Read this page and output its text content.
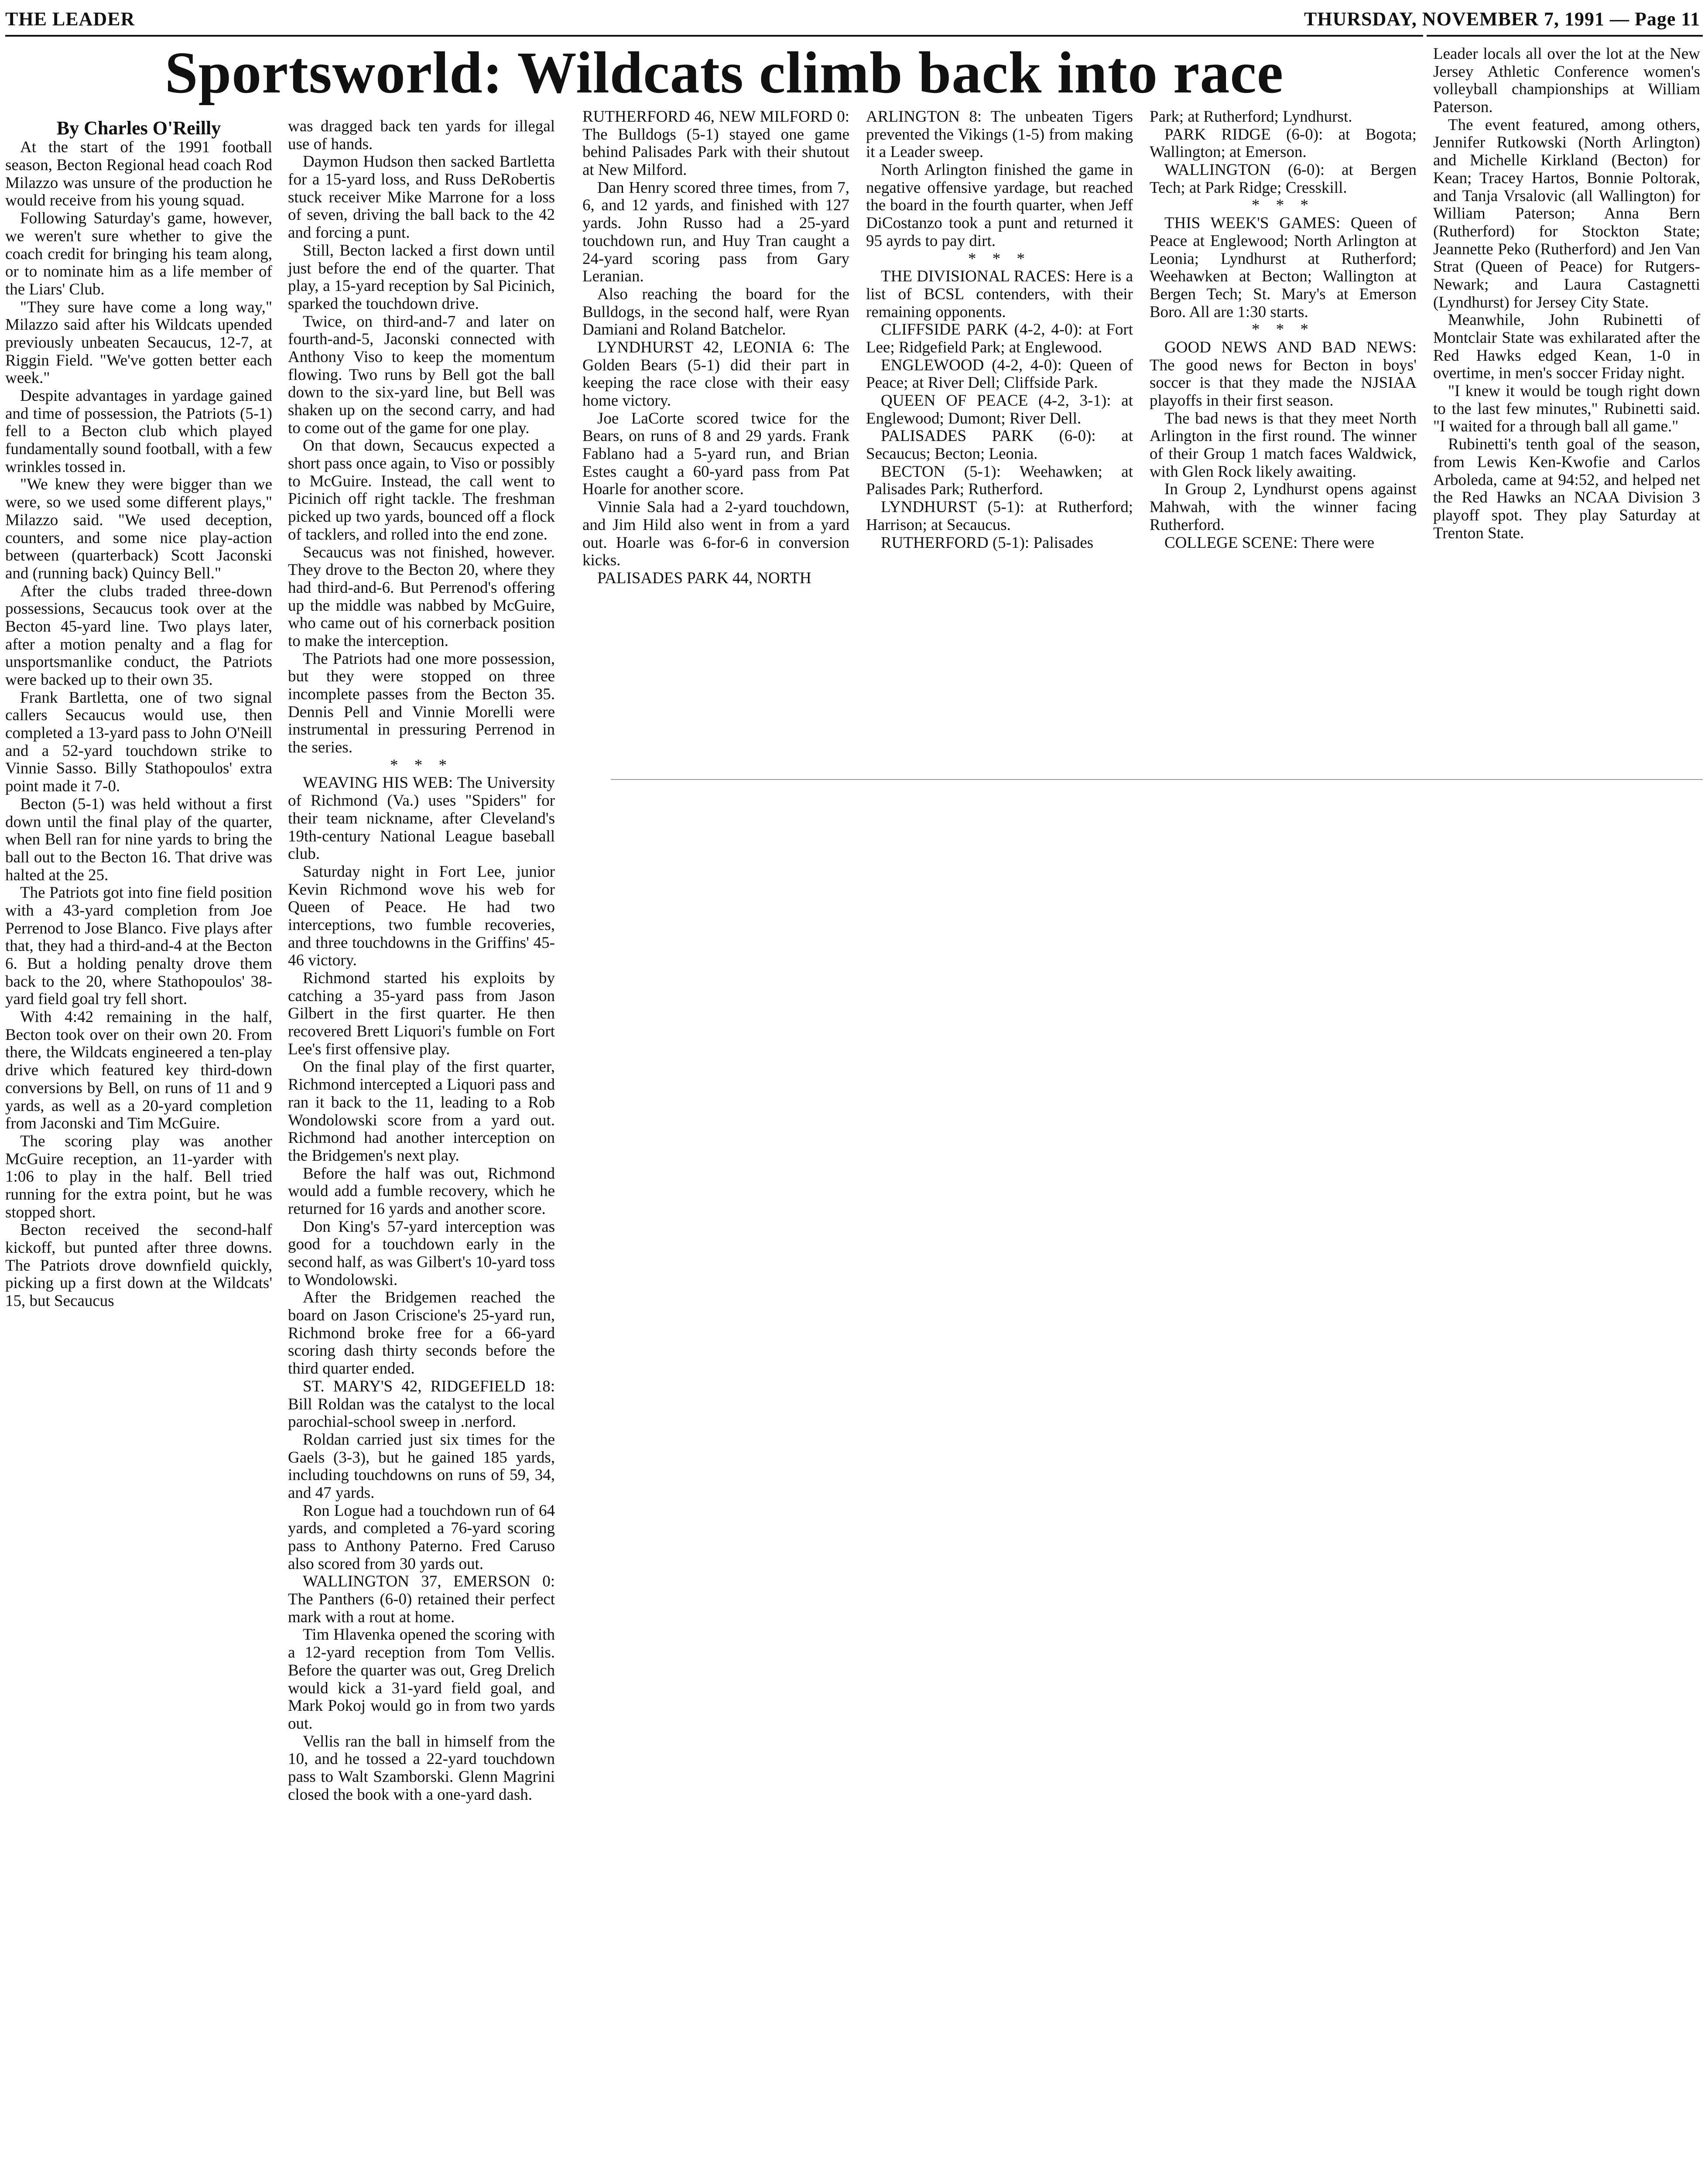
THE LEADER	THURSDAY, NOVEMBER 7, 1991 — Page 11
Sportsworld: Wildcats climb back into race

By Charles O'Reilly

At the start of the 1991 football season, Becton Regional head coach Rod Milazzo was unsure of the production he would receive from his young squad.

Following Saturday's game, however, we weren't sure whether to give the coach credit for bringing his team along, or to nominate him as a life member of the Liars' Club.

"They sure have come a long way," Milazzo said after his Wildcats upended previously unbeaten Secaucus, 12-7, at Riggin Field. "We've gotten better each week."

Despite advantages in yardage gained and time of possession, the Patriots (5-1) fell to a Becton club which played fundamentally sound football, with a few wrinkles tossed in.

"We knew they were bigger than we were, so we used some different plays," Milazzo said. "We used deception, counters, and some nice play-action between (quarterback) Scott Jaconski and (running back) Quincy Bell."

After the clubs traded three-down possessions, Secaucus took over at the Becton 45-yard line. Two plays later, after a motion penalty and a flag for unsportsmanlike conduct, the Patriots were backed up to their own 35.

Frank Bartletta, one of two signal callers Secaucus would use, then completed a 13-yard pass to John O'Neill and a 52-yard touchdown strike to Vinnie Sasso. Billy Stathopoulos' extra point made it 7-0.

Becton (5-1) was held without a first down until the final play of the quarter, when Bell ran for nine yards to bring the ball out to the Becton 16. That drive was halted at the 25.

The Patriots got into fine field position with a 43-yard completion from Joe Perrenod to Jose Blanco. Five plays after that, they had a third-and-4 at the Becton 6. But a holding penalty drove them back to the 20, where Stathopoulos' 38-yard field goal try fell short.

With 4:42 remaining in the half, Becton took over on their own 20. From there, the Wildcats engineered a ten-play drive which featured key third-down conversions by Bell, on runs of 11 and 9 yards, as well as a 20-yard completion from Jaconski and Tim McGuire.

The scoring play was another McGuire reception, an 11-yarder with 1:06 to play in the half. Bell tried running for the extra point, but he was stopped short.

Becton received the second-half kickoff, but punted after three downs. The Patriots drove downfield quickly, picking up a first down at the Wildcats' 15, but Secaucus

was dragged back ten yards for illegal use of hands.

Daymon Hudson then sacked Bartletta for a 15-yard loss, and Russ DeRobertis stuck receiver Mike Marrone for a loss of seven, driving the ball back to the 42 and forcing a punt.

Still, Becton lacked a first down until just before the end of the quarter. That play, a 15-yard reception by Sal Picinich, sparked the touchdown drive.

Twice, on third-and-7 and later on fourth-and-5, Jaconski connected with Anthony Viso to keep the momentum flowing. Two runs by Bell got the ball down to the six-yard line, but Bell was shaken up on the second carry, and had to come out of the game for one play.

On that down, Secaucus expected a short pass once again, to Viso or possibly to McGuire. Instead, the call went to Picinich off right tackle. The freshman picked up two yards, bounced off a flock of tacklers, and rolled into the end zone.

Secaucus was not finished, however. They drove to the Becton 20, where they had third-and-6. But Perrenod's offering up the middle was nabbed by McGuire, who came out of his cornerback position to make the interception.

The Patriots had one more possession, but they were stopped on three incomplete passes from the Becton 35. Dennis Pell and Vinnie Morelli were instrumental in pressuring Perrenod in the series.

* * *

WEAVING HIS WEB: The University of Richmond (Va.) uses "Spiders" for their team nickname, after Cleveland's 19th-century National League baseball club.

Saturday night in Fort Lee, junior Kevin Richmond wove his web for Queen of Peace. He had two interceptions, two fumble recoveries, and three touchdowns in the Griffins' 45-46 victory.

Richmond started his exploits by catching a 35-yard pass from Jason Gilbert in the first quarter. He then recovered Brett Liquori's fumble on Fort Lee's first offensive play.

On the final play of the first quarter, Richmond intercepted a Liquori pass and ran it back to the 11, leading to a Rob Wondolowski score from a yard out. Richmond had another interception on the Bridgemen's next play.

Before the half was out, Richmond would add a fumble recovery, which he returned for 16 yards and another score.

Don King's 57-yard interception was good for a touchdown early in the second half, as was Gilbert's 10-yard toss to Wondolowski.

After the Bridgemen reached the board on Jason Criscione's 25-yard run, Richmond broke free for a 66-yard scoring dash thirty seconds before the third quarter ended.

ST. MARY'S 42, RIDGEFIELD 18: Bill Roldan was the catalyst to the local parochial-school sweep in .nerford.

Roldan carried just six times for the Gaels (3-3), but he gained 185 yards, including touchdowns on runs of 59, 34, and 47 yards.

Ron Logue had a touchdown run of 64 yards, and completed a 76-yard scoring pass to Anthony Paterno. Fred Caruso also scored from 30 yards out.

WALLINGTON 37, EMERSON 0: The Panthers (6-0) retained their perfect mark with a rout at home.

Tim Hlavenka opened the scoring with a 12-yard reception from Tom Vellis. Before the quarter was out, Greg Drelich would kick a 31-yard field goal, and Mark Pokoj would go in from two yards out.

Vellis ran the ball in himself from the 10, and he tossed a 22-yard touchdown pass to Walt Szamborski. Glenn Magrini closed the book with a one-yard dash.

RUTHERFORD 46, NEW MILFORD 0: The Bulldogs (5-1) stayed one game behind Palisades Park with their shutout at New Milford.

Dan Henry scored three times, from 7, 6, and 12 yards, and finished with 127 yards. John Russo had a 25-yard touchdown run, and Huy Tran caught a 24-yard scoring pass from Gary Leranian.

Also reaching the board for the Bulldogs, in the second half, were Ryan Damiani and Roland Batchelor.

LYNDHURST 42, LEONIA 6: The Golden Bears (5-1) did their part in keeping the race close with their easy home victory.

Joe LaCorte scored twice for the Bears, on runs of 8 and 29 yards. Frank Fablano had a 5-yard run, and Brian Estes caught a 60-yard pass from Pat Hoarle for another score.

Vinnie Sala had a 2-yard touchdown, and Jim Hild also went in from a yard out. Hoarle was 6-for-6 in conversion kicks.

PALISADES PARK 44, NORTH

ARLINGTON 8: The unbeaten Tigers prevented the Vikings (1-5) from making it a Leader sweep.

North Arlington finished the game in negative offensive yardage, but reached the board in the fourth quarter, when Jeff DiCostanzo took a punt and returned it 95 ayrds to pay dirt.

* * *

THE DIVISIONAL RACES: Here is a list of BCSL contenders, with their remaining opponents.

CLIFFSIDE PARK (4-2, 4-0): at Fort Lee; Ridgefield Park; at Englewood.

ENGLEWOOD (4-2, 4-0): Queen of Peace; at River Dell; Cliffside Park.

QUEEN OF PEACE (4-2, 3-1): at Englewood; Dumont; River Dell.

PALISADES PARK (6-0): at Secaucus; Becton; Leonia.

BECTON (5-1): Weehawken; at Palisades Park; Rutherford.

LYNDHURST (5-1): at Rutherford; Harrison; at Secaucus.

RUTHERFORD (5-1): Palisades

Park; at Rutherford; Lyndhurst.

PARK RIDGE (6-0): at Bogota; Wallington; at Emerson.

WALLINGTON (6-0): at Bergen Tech; at Park Ridge; Cresskill.

* * *

THIS WEEK'S GAMES: Queen of Peace at Englewood; North Arlington at Leonia; Lyndhurst at Rutherford; Weehawken at Becton; Wallington at Bergen Tech; St. Mary's at Emerson Boro. All are 1:30 starts.

* * *

GOOD NEWS AND BAD NEWS: The good news for Becton in boys' soccer is that they made the NJSIAA playoffs in their first season.

The bad news is that they meet North Arlington in the first round. The winner of their Group 1 match faces Waldwick, with Glen Rock likely awaiting.

In Group 2, Lyndhurst opens against Mahwah, with the winner facing Rutherford.

COLLEGE SCENE: There were

Leader locals all over the lot at the New Jersey Athletic Conference women's volleyball championships at William Paterson.

The event featured, among others, Jennifer Rutkowski (North Arlington) and Michelle Kirkland (Becton) for Kean; Tracey Hartos, Bonnie Poltorak, and Tanja Vrsalovic (all Wallington) for William Paterson; Anna Bern (Rutherford) for Stockton State; Jeannette Peko (Rutherford) and Jen Van Strat (Queen of Peace) for Rutgers-Newark; and Laura Castagnetti (Lyndhurst) for Jersey City State.

Meanwhile, John Rubinetti of Montclair State was exhilarated after the Red Hawks edged Kean, 1-0 in overtime, in men's soccer Friday night.

"I knew it would be tough right down to the last few minutes," Rubinetti said. "I waited for a through ball all game."

Rubinetti's tenth goal of the season, from Lewis Ken-Kwofie and Carlos Arboleda, came at 94:52, and helped net the Red Hawks an NCAA Division 3 playoff spot. They play Saturday at Trenton State.
